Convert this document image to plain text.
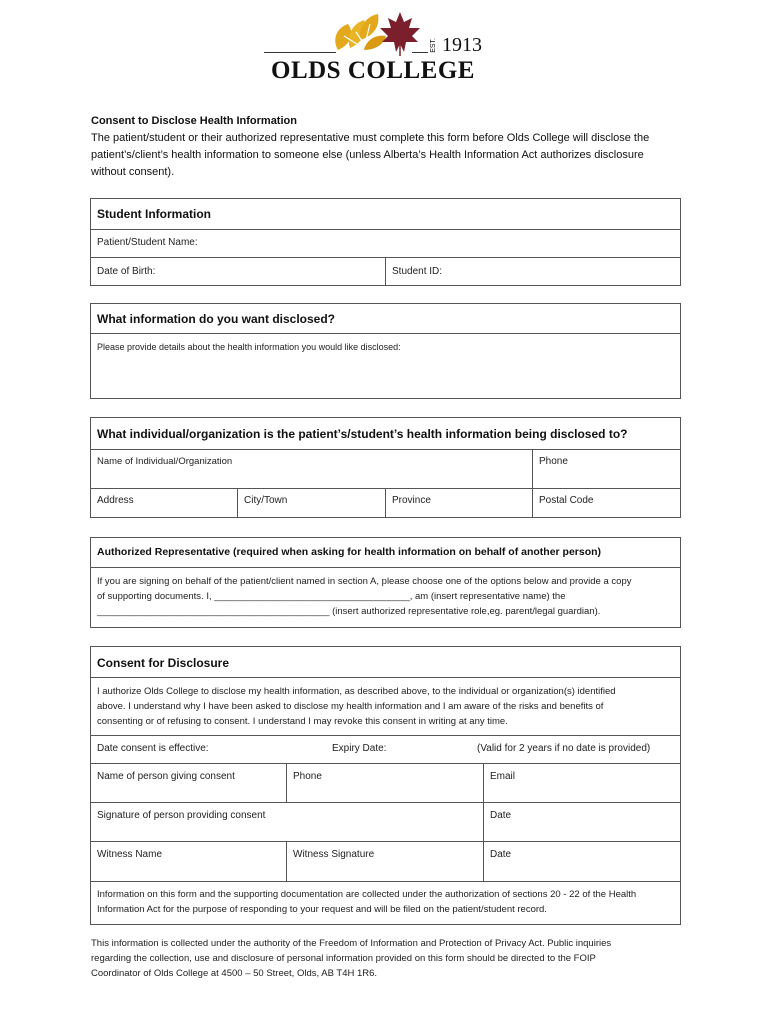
EST. 1913
OLDS COLLEGE
Consent to Disclose Health Information
The patient/student or their authorized representative must complete this form before Olds College will disclose the
patient’s/client’s health information to someone else (unless Alberta’s Health Information Act authorizes disclosure
without consent).
Student Information
Patient/Student Name:
Date of Birth:	Student ID:
What information do you want disclosed?
Please provide details about the health information you would like disclosed:
What individual/organization is the patient’s/student’s health information being disclosed to?
Name of Individual/Organization	Phone
Address	City/Town	Province	Postal Code
Authorized Representative (required when asking for health information on behalf of another person)
If you are signing on behalf of the patient/client named in section A, please choose one of the options below and provide a copy
of supporting documents. I, _____________________________________, am (insert representative name) the
____________________________________________ (insert authorized representative role,eg. parent/legal guardian).
Consent for Disclosure
I authorize Olds College to disclose my health information, as described above, to the individual or organization(s) identified
above. I understand why I have been asked to disclose my health information and I am aware of the risks and benefits of
consenting or of refusing to consent. I understand I may revoke this consent in writing at any time.
Date consent is effective:	Expiry Date:	(Valid for 2 years if no date is provided)
Name of person giving consent	Phone	Email
Signature of person providing consent	Date
Witness Name	Witness Signature	Date
Information on this form and the supporting documentation are collected under the authorization of sections 20 - 22 of the Health
Information Act for the purpose of responding to your request and will be filed on the patient/student record.
This information is collected under the authority of the Freedom of Information and Protection of Privacy Act. Public inquiries
regarding the collection, use and disclosure of personal information provided on this form should be directed to the FOIP
Coordinator of Olds College at 4500 – 50 Street, Olds, AB T4H 1R6.
